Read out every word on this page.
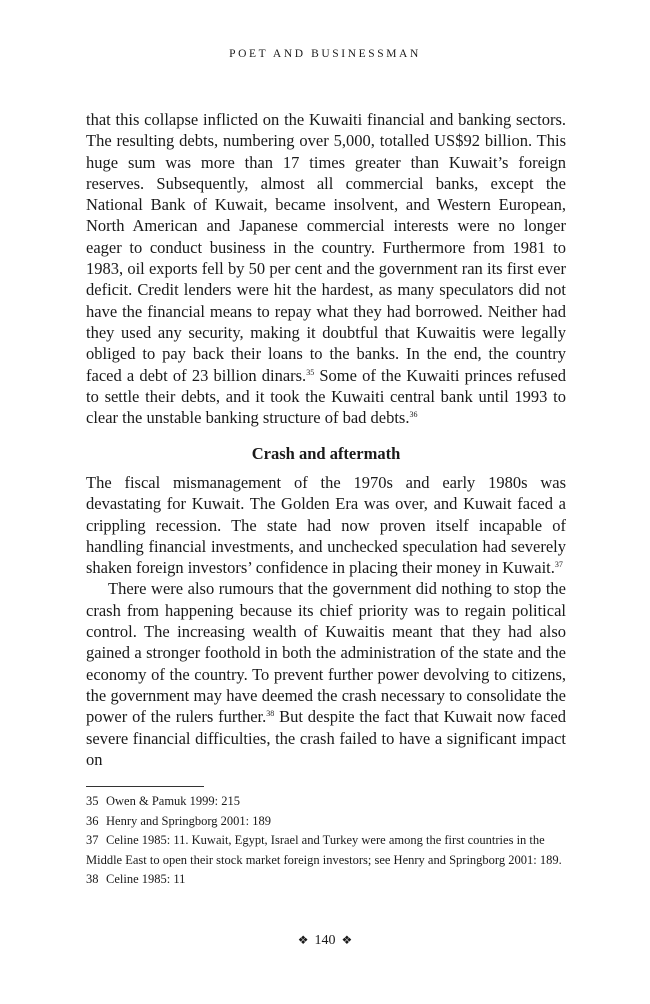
POET AND BUSINESSMAN

that this collapse inflicted on the Kuwaiti financial and banking sectors. The resulting debts, numbering over 5,000, totalled US$92 billion. This huge sum was more than 17 times greater than Kuwait’s foreign reserves. Subsequently, almost all commercial banks, except the National Bank of Kuwait, became insolvent, and Western European, North American and Japanese commercial interests were no longer eager to conduct business in the country. Furthermore from 1981 to 1983, oil exports fell by 50 per cent and the government ran its first ever deficit. Credit lenders were hit the hardest, as many speculators did not have the financial means to repay what they had borrowed. Neither had they used any security, making it doubtful that Kuwaitis were legally obliged to pay back their loans to the banks. In the end, the country faced a debt of 23 billion dinars.$^{35}$ Some of the Kuwaiti princes refused to settle their debts, and it took the Kuwaiti central bank until 1993 to clear the unstable banking structure of bad debts.$^{36}$

Crash and aftermath

The fiscal mismanagement of the 1970s and early 1980s was devastating for Kuwait. The Golden Era was over, and Kuwait faced a crippling recession. The state had now proven itself incapable of handling financial investments, and unchecked speculation had severely shaken foreign investors’ confidence in placing their money in Kuwait.$^{37}$

There were also rumours that the government did nothing to stop the crash from happening because its chief priority was to regain political control. The increasing wealth of Kuwaitis meant that they had also gained a stronger foothold in both the administration of the state and the economy of the country. To prevent further power devolving to citizens, the government may have deemed the crash necessary to consolidate the power of the rulers further.$^{38}$ But despite the fact that Kuwait now faced severe financial difficulties, the crash failed to have a significant impact on

35 Owen & Pamuk 1999: 215
36 Henry and Springborg 2001: 189
37 Celine 1985: 11. Kuwait, Egypt, Israel and Turkey were among the first countries in the Middle East to open their stock market foreign investors; see Henry and Springborg 2001: 189.
38 Celine 1985: 11
❖ 140 ❖
